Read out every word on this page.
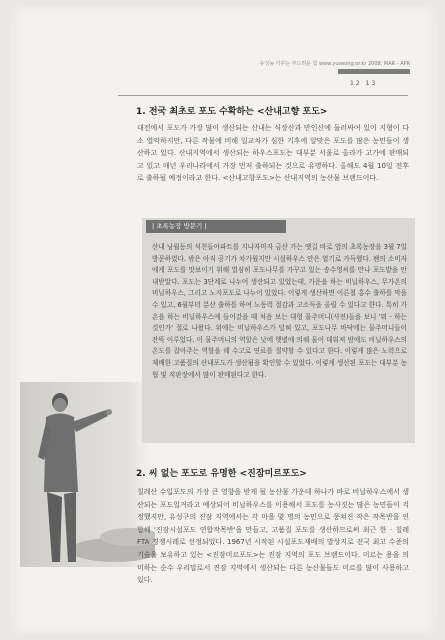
유성농 가꾸는 부드러운 힘 www.yuseong.or.kr 2008, MAR - APR
12 13
1. 전국 최초로 포도 수확하는 <산내고향 포도>
대전에서 포도가 가장 많이 생산되는 산내는 식장산과 만인산에 둘러싸여 있어 지형이 다소 열악하지만, 다른 작물에 비해 일교차가 심한 기후에 알맞은 포도를 많은 농민들이 생산하고 있다. 산내지역에서 생산되는 하우스포도는 대부분 서울로 올라가 고가에 판매되고 있고 매년 우리나라에서 가장 먼저 출하되는 것으로 유명하다. 올해도 4월 10일 전후로 출하될 예정이라고 한다. <산내고향포도>는 산내지역의 농산물 브랜드이다.
| 초록농장 방문기 |
산내 낭월동의 석천들아파트를 지나자마자 금산 가는 옛길 바로 옆의 초록농장을 3월 7일 방문하였다. 밖은 아직 공기가 차가웠지만 시설하우스 안은 열기로 가득했다. 팬의 소비자에게 포도를 맛보이기 위해 열심히 포도나무를 가꾸고 있는 송수영씨를 만나 포도밭을 안내받았다. 포도는 3단계로 나누어 생산되고 있었는데, 가운을 하는 비닐하우스, 무가온의 비닐하우스, 그리고 노지포도로 나누어 있었다. 이렇게 생산하면 이른철 홍수 출하를 막을 수 있고, 6월부터 분산 출하를 하여 노동력 절감과 고소득을 올릴 수 있다고 한다. 특히 가온을 하는 비닐하우스에 들어갔을 때 처음 보는 대형 물주머니(사진)들을 보니 '뭐 - 하는 것인가' 절로 나왔다. 위에는 비닐하우스가 덮혀 있고, 포도나무 바닥에는 물주머니들이 잔뜩 이루었다. 이 물주머니의 역할은 낮에 햇볕에 의해 물이 데워져 밤에도 비닐하우스의 온도를 잡아주는 역할을 해 수고로 연료를 절약할 수 있다고 한다. 이렇게 많은 노력으로 재배한 고품질의 산내포도가 생산됨을 확인할 수 있었다. 이렇게 생산된 포도는 대부분 농협 및 직판장에서 많이 판매된다고 한다.
2. 씨 없는 포도로 유명한 <진잠미르포도>
칠레산 수입포도의 가장 큰 영향을 받게 될 농산물 가운데 하나가 바로 비닐하우스에서 생산되는 포도일거라고 예상되어 비닐하우스를 이용해서 포도를 농사짓는 많은 농민들이 걱정했지만, 유성구의 진잠 지역에서는 각 마을 몇 명의 농민으로 뭉쳐진 작은 작목반을 연합해 '진잠시설포도 연합작목반'을 만들고, 고품질 포도를 생산하므로써 최근 한 · 칠레 FTA 경쟁시레로 선정되었다. 1967년 시작된 시설포도재배의 발상지로 전국 최고 수준의 기술을 보유하고 있는 <진잠미르포도>는 진잠 지역의 포도 브랜드이다. 미르는 용을 의미하는 순수 우리말로서 진잠 지역에서 생산되는 다른 농산물들도 미르를 많이 사용하고 있다.
